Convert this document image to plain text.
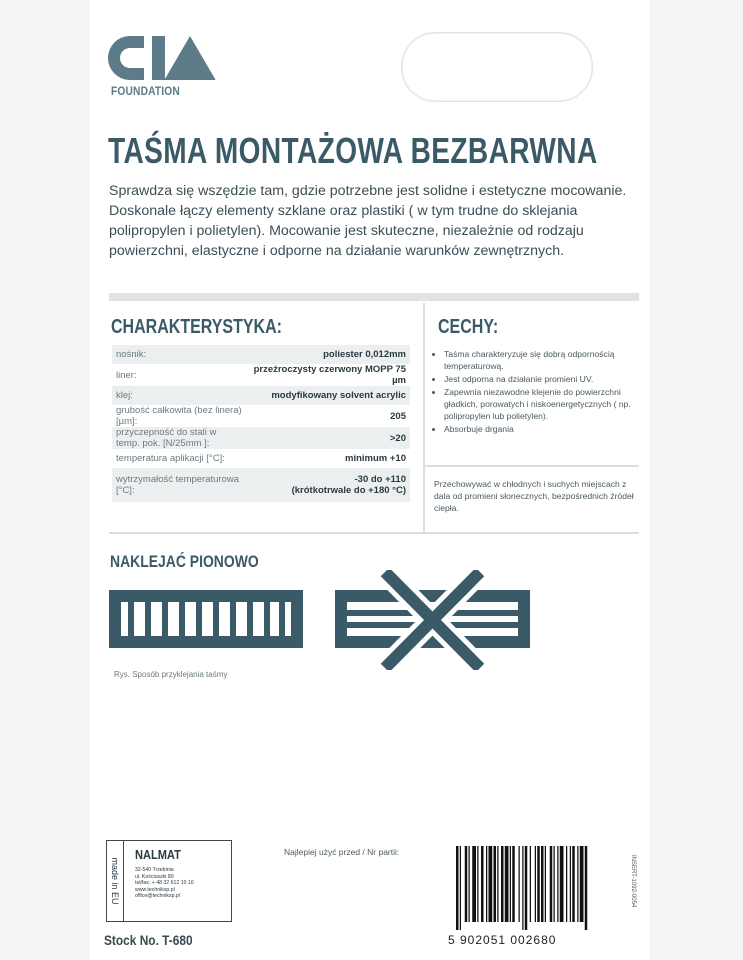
FOUNDATION
TAŚMA MONTAŻOWA BEZBARWNA
Sprawdza się wszędzie tam, gdzie potrzebne jest solidne i estetyczne mocowanie. Doskonale łączy elementy szklane oraz plastiki ( w tym trudne do sklejania polipropylen i polietylen). Mocowanie jest skuteczne, niezależnie od rodzaju powierzchni, elastyczne i odporne na działanie warunków zewnętrznych.
CHARAKTERYSTYKA:
nośnik:	poliester 0,012mm
liner:	przeźroczysty czerwony MOPP 75 µm
klej:	modyfikowany solvent acrylic
grubość całkowita (bez linera) [µm]:	205
przyczepność do stali w temp. pok. [N/25mm ]:	>20
temperatura aplikacji [°C]:	minimum +10
wytrzymałość temperaturowa [°C]:	-30 do +110
(krótkotrwale do +180 °C)
CECHY:
• Taśma charakteryzuje się dobrą odpornością temperaturową.
• Jest odporna na działanie promieni UV.
• Zapewnia niezawodne klejenie do powierzchni gładkich, porowatych i niskoenergetycznych ( np. polipropylen lub polietylen).
• Absorbuje drgania
Przechowywać w chłodnych i suchych miejscach z dala od promieni słonecznych, bezpośrednich źródeł ciepła.
NAKLEJAĆ PIONOWO
Rys. Sposób przyklejania taśmy
Najlepiej użyć przed / Nr partii:
made in EU
NALMAT
32-540 Trzebinia
ul. Kościuszki 80
tel/fax. + 48 32 612 10 10
www.techniksp.pl
office@techniksp.pl
Stock No. T-680	5 902051 002680
INSERT-1092-0054
